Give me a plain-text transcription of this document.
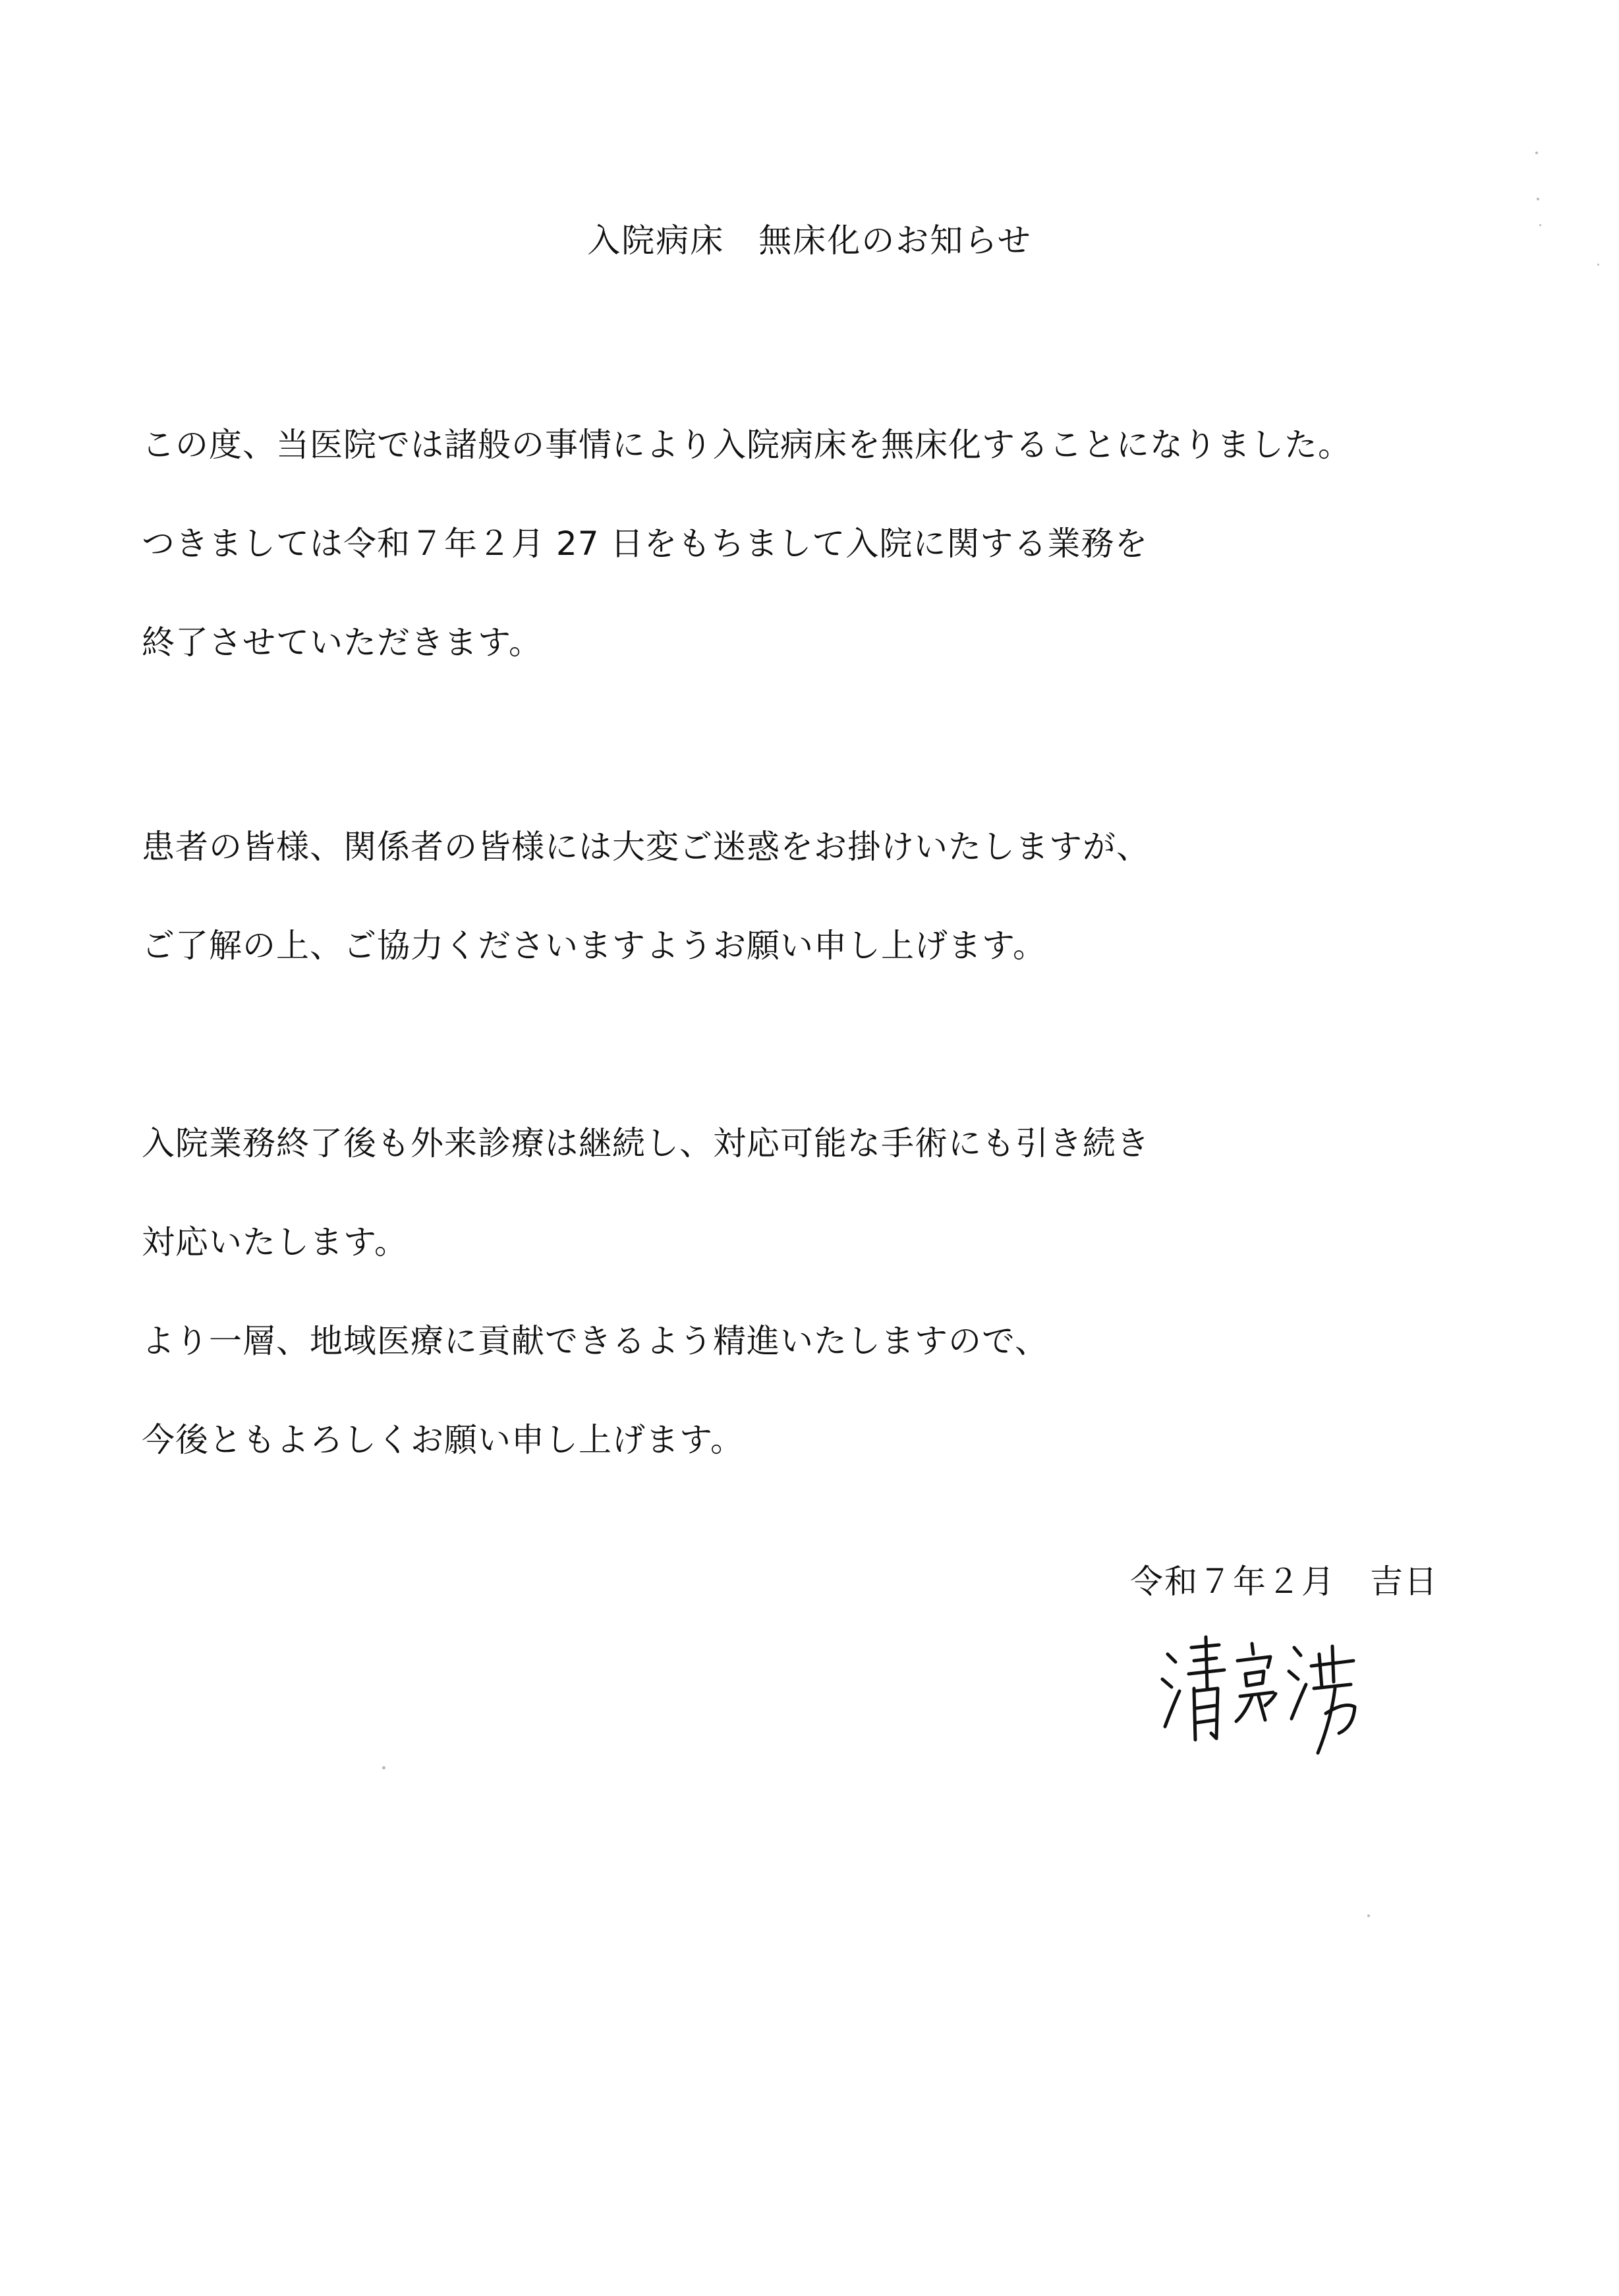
入院病床　無床化のお知らせ
この度、当医院では諸般の事情により入院病床を無床化することになりました。
つきましては令和７年２月 27 日をもちまして入院に関する業務を
終了させていただきます。
患者の皆様、関係者の皆様には大変ご迷惑をお掛けいたしますが、
ご了解の上、ご協力くださいますようお願い申し上げます。
入院業務終了後も外来診療は継続し、対応可能な手術にも引き続き
対応いたします。
より一層、地域医療に貢献できるよう精進いたしますので、
今後ともよろしくお願い申し上げます。
令和７年２月　吉日
